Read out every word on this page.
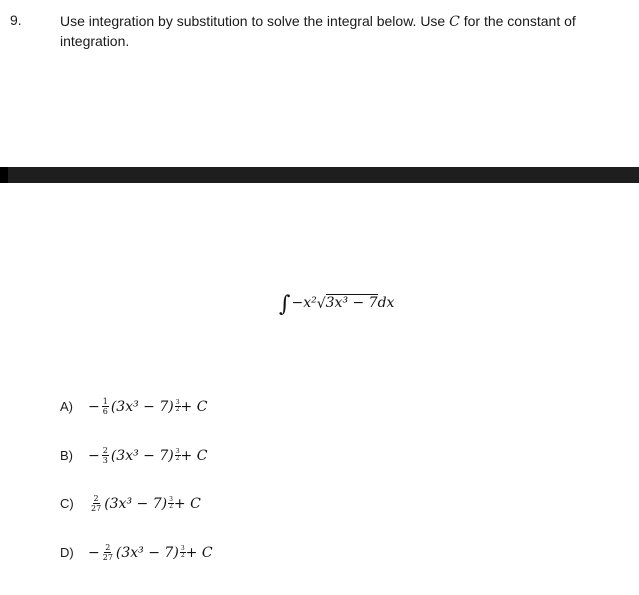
9.	Use integration by substitution to solve the integral below. Use C for the constant of integration.
∫−x²√3x³ − 7dx
A)	− $\frac{1}{6} (3x^3 - 7) \frac{3}{2} + C$
B)	− $\frac{2}{3} (3x^3 - 7) \frac{3}{2} + C$
C)	$\frac{2}{27} (3x^3 - 7) \frac{3}{2} + C$
D)	− $\frac{2}{27} (3x^3 - 7) \frac{3}{2} + C$
